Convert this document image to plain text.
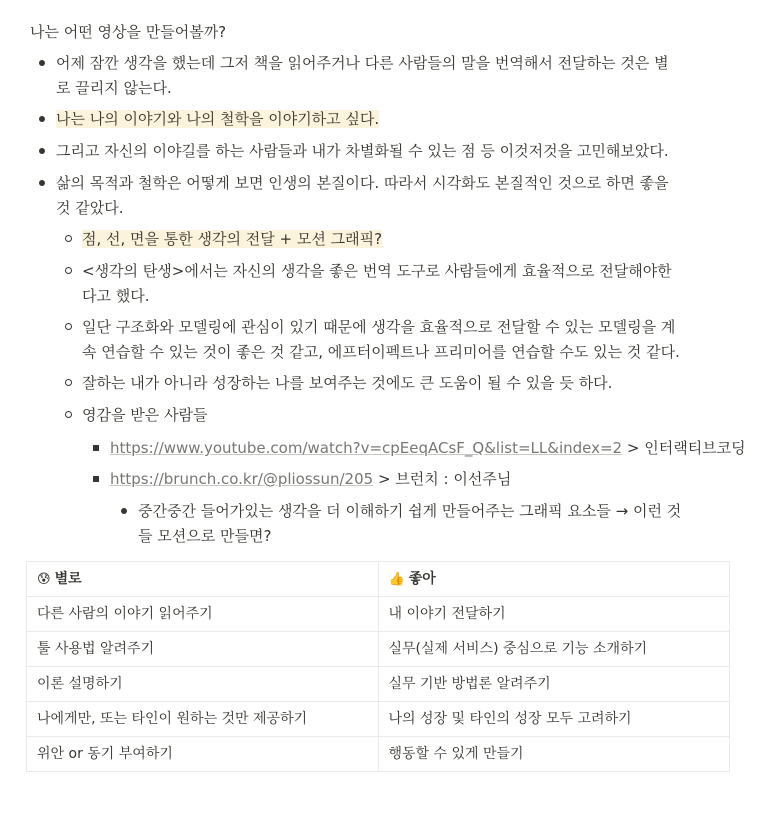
나는 어떤 영상을 만들어볼까?
어제 잠깐 생각을 했는데 그저 책을 읽어주거나 다른 사람들의 말을 번역해서 전달하는 것은 별
로 끌리지 않는다.
나는 나의 이야기와 나의 철학을 이야기하고 싶다.
그리고 자신의 이야길를 하는 사람들과 내가 차별화될 수 있는 점 등 이것저것을 고민해보았다.
삶의 목적과 철학은 어떻게 보면 인생의 본질이다. 따라서 시각화도 본질적인 것으로 하면 좋을
것 같았다.
점, 선, 면을 통한 생각의 전달 + 모션 그래픽?
<생각의 탄생>에서는 자신의 생각을 좋은 번역 도구로 사람들에게 효율적으로 전달해야한
다고 했다.
일단 구조화와 모델링에 관심이 있기 때문에 생각을 효율적으로 전달할 수 있는 모델링을 계
속 연습할 수 있는 것이 좋은 것 같고, 에프터이펙트나 프리미어를 연습할 수도 있는 것 같다.
잘하는 내가 아니라 성장하는 나를 보여주는 것에도 큰 도움이 될 수 있을 듯 하다.
영감을 받은 사람들
https://www.youtube.com/watch?v=cpEeqACsF_Q&list=LL&index=2 > 인터랙티브코딩
https://brunch.co.kr/@pliossun/205 > 브런치 : 이선주님
중간중간 들어가있는 생각을 더 이해하기 쉽게 만들어주는 그래픽 요소들 → 이런 것
들 모션으로 만들면?
😰 별로	👍 좋아
다른 사람의 이야기 읽어주기	내 이야기 전달하기
툴 사용법 알려주기	실무(실제 서비스) 중심으로 기능 소개하기
이론 설명하기	실무 기반 방법론 알려주기
나에게만, 또는 타인이 원하는 것만 제공하기	나의 성장 및 타인의 성장 모두 고려하기
위안 or 동기 부여하기	행동할 수 있게 만들기
